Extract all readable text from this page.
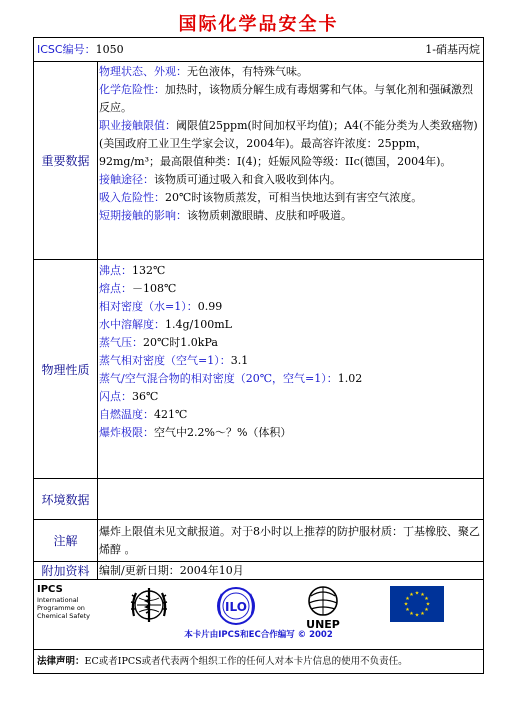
国际化学品安全卡
ICSC编号：1050	1-硝基丙烷
重要数据
物理状态、外观：无色液体，有特殊气味。
化学危险性：加热时，该物质分解生成有毒烟雾和气体。与氧化剂和强碱激烈反应。
职业接触限值：阈限值25ppm(时间加权平均值)；A4(不能分类为人类致癌物)(美国政府工业卫生学家会议，2004年)。最高容许浓度：25ppm，92mg/m³；最高限值种类：I(4)；妊娠风险等级：IIc(德国，2004年)。
接触途径：该物质可通过吸入和食入吸收到体内。
吸入危险性：20℃时该物质蒸发，可相当快地达到有害空气浓度。
短期接触的影响：该物质刺激眼睛、皮肤和呼吸道。
物理性质
沸点：132℃
熔点：－108℃
相对密度（水=1）：0.99
水中溶解度：1.4g/100mL
蒸气压：20℃时1.0kPa
蒸气相对密度（空气=1）：3.1
蒸气/空气混合物的相对密度（20℃，空气=1）：1.02
闪点：36℃
自燃温度：421℃
爆炸极限：空气中2.2%～？%（体积）
环境数据
注解
爆炸上限值未见文献报道。对于8小时以上推荐的防护服材质：丁基橡胶、聚乙烯醇 。
附加资料 编制/更新日期：2004年10月
IPCS
International
Programme on
Chemical Safety
ILO
UNEP
★ ★
★
★
★
★
★
★
★
★
★
★
本卡片由IPCS和EC合作编写 © 2002
法律声明：EC或者IPCS或者代表两个组织工作的任何人对本卡片信息的使用不负责任。
